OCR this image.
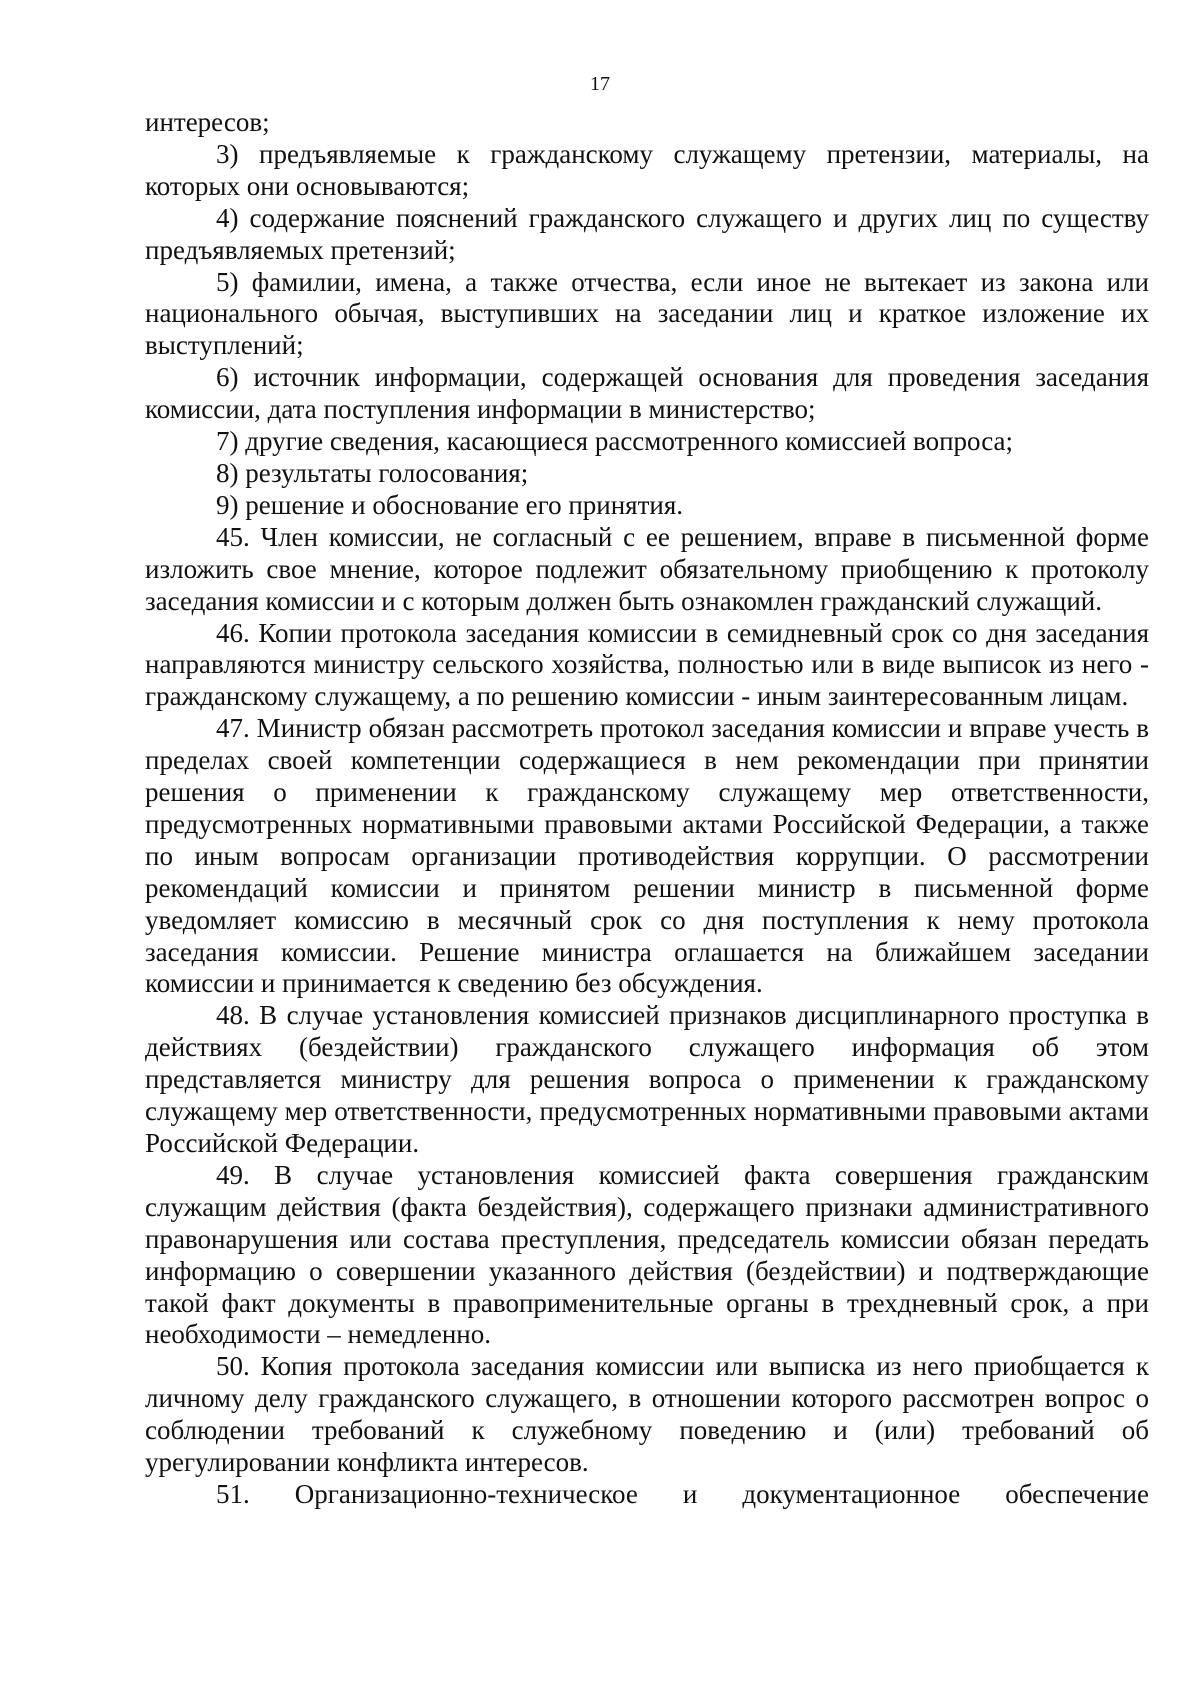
17

интересов;

3) предъявляемые к гражданскому служащему претензии, материалы, на которых они основываются;

4) содержание пояснений гражданского служащего и других лиц по существу предъявляемых претензий;

5) фамилии, имена, а также отчества, если иное не вытекает из закона или национального обычая, выступивших на заседании лиц и краткое изложение их выступлений;

6) источник информации, содержащей основания для проведения заседания комиссии, дата поступления информации в министерство;

7) другие сведения, касающиеся рассмотренного комиссией вопроса;

8) результаты голосования;

9) решение и обоснование его принятия.

45. Член комиссии, не согласный с ее решением, вправе в письменной форме изложить свое мнение, которое подлежит обязательному приобщению к протоколу заседания комиссии и с которым должен быть ознакомлен гражданский служащий.

46. Копии протокола заседания комиссии в семидневный срок со дня заседания направляются министру сельского хозяйства, полностью или в виде выписок из него - гражданскому служащему, а по решению комиссии - иным заинтересованным лицам.

47. Министр обязан рассмотреть протокол заседания комиссии и вправе учесть в пределах своей компетенции содержащиеся в нем рекомендации при принятии решения о применении к гражданскому служащему мер ответственности, предусмотренных нормативными правовыми актами Российской Федерации, а также по иным вопросам организации противодействия коррупции. О рассмотрении рекомендаций комиссии и принятом решении министр в письменной форме уведомляет комиссию в месячный срок со дня поступления к нему протокола заседания комиссии. Решение министра оглашается на ближайшем заседании комиссии и принимается к сведению без обсуждения.

48. В случае установления комиссией признаков дисциплинарного проступка в действиях (бездействии) гражданского служащего информация об этом представляется министру для решения вопроса о применении к гражданскому служащему мер ответственности, предусмотренных нормативными правовыми актами Российской Федерации.

49. В случае установления комиссией факта совершения гражданским служащим действия (факта бездействия), содержащего признаки административного правонарушения или состава преступления, председатель комиссии обязан передать информацию о совершении указанного действия (бездействии) и подтверждающие такой факт документы в правоприменительные органы в трехдневный срок, а при необходимости – немедленно.

50. Копия протокола заседания комиссии или выписка из него приобщается к личному делу гражданского служащего, в отношении которого рассмотрен вопрос о соблюдении требований к служебному поведению и (или) требований об урегулировании конфликта интересов.

51. Организационно-техническое и документационное обеспечение
